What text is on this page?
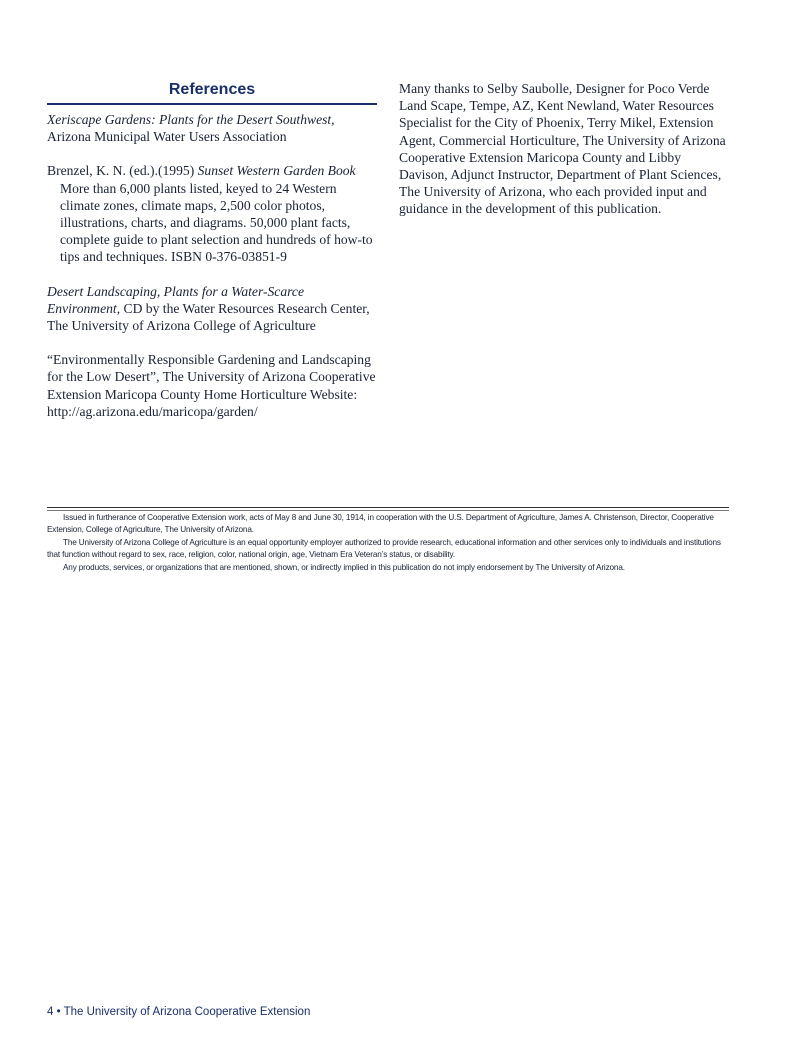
References

Xeriscape Gardens: Plants for the Desert Southwest, Arizona Municipal Water Users Association

Brenzel, K. N. (ed.).(1995) Sunset Western Garden Book
More than 6,000 plants listed, keyed to 24 Western climate zones, climate maps, 2,500 color photos, illustrations, charts, and diagrams. 50,000 plant facts, complete guide to plant selection and hundreds of how-to tips and techniques. ISBN 0-376-03851-9

Desert Landscaping, Plants for a Water-Scarce Environment, CD by the Water Resources Research Center, The University of Arizona College of Agriculture

“Environmentally Responsible Gardening and Landscaping for the Low Desert”, The University of Arizona Cooperative Extension Maricopa County Home Horticulture Website: http://ag.arizona.edu/maricopa/garden/

Many thanks to Selby Saubolle, Designer for Poco Verde Land Scape, Tempe, AZ, Kent Newland, Water Resources Specialist for the City of Phoenix, Terry Mikel, Extension Agent, Commercial Horticulture, The University of Arizona Cooperative Extension Maricopa County and Libby Davison, Adjunct Instructor, Department of Plant Sciences, The University of Arizona, who each provided input and guidance in the development of this publication.

Issued in furtherance of Cooperative Extension work, acts of May 8 and June 30, 1914, in cooperation with the U.S. Department of Agriculture, James A. Christenson, Director, Cooperative Extension, College of Agriculture, The University of Arizona.

The University of Arizona College of Agriculture is an equal opportunity employer authorized to provide research, educational information and other services only to individuals and institutions that function without regard to sex, race, religion, color, national origin, age, Vietnam Era Veteran’s status, or disability.

Any products, services, or organizations that are mentioned, shown, or indirectly implied in this publication do not imply endorsement by The University of Arizona.

4 • The University of Arizona Cooperative Extension
